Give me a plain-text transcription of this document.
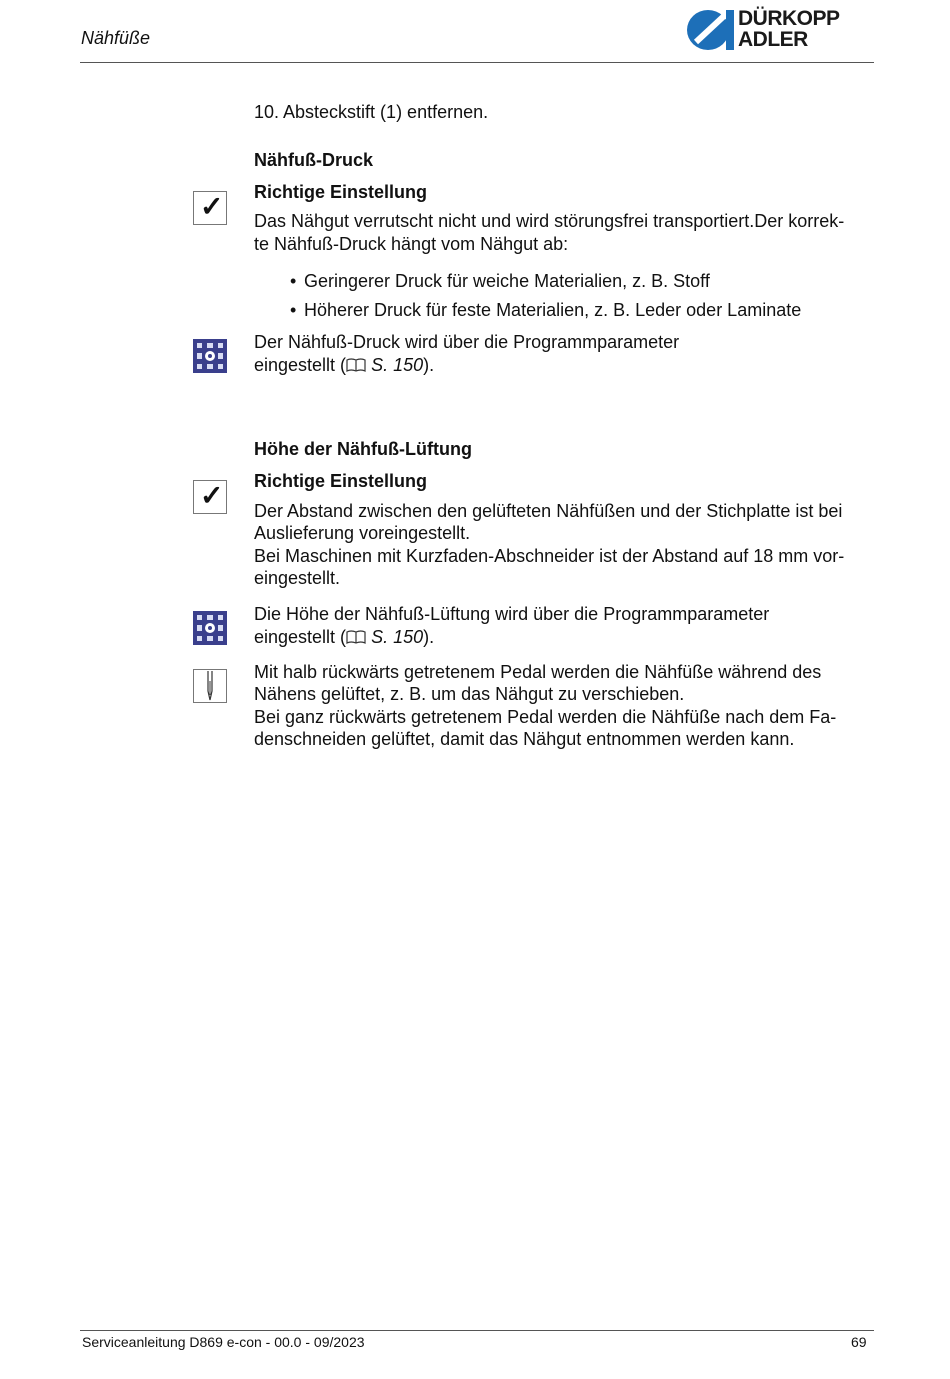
Nähfüße
DÜRKOPP
ADLER
10. Absteckstift (1) entfernen.
Nähfuß-Druck
✓ Richtige Einstellung
Das Nähgut verrutscht nicht und wird störungsfrei transportiert.Der korrek-
te Nähfuß-Druck hängt vom Nähgut ab:
• Geringerer Druck für weiche Materialien, z. B. Stoff
• Höherer Druck für feste Materialien, z. B. Leder oder Laminate
Der Nähfuß-Druck wird über die Programmparameter
eingestellt ( S. 150).
Höhe der Nähfuß-Lüftung
✓ Richtige Einstellung
Der Abstand zwischen den gelüfteten Nähfüßen und der Stichplatte ist bei
Auslieferung voreingestellt.
Bei Maschinen mit Kurzfaden-Abschneider ist der Abstand auf 18 mm vor-
eingestellt.
Die Höhe der Nähfuß-Lüftung wird über die Programmparameter
eingestellt ( S. 150).
Mit halb rückwärts getretenem Pedal werden die Nähfüße während des
Nähens gelüftet, z. B. um das Nähgut zu verschieben.
Bei ganz rückwärts getretenem Pedal werden die Nähfüße nach dem Fa-
denschneiden gelüftet, damit das Nähgut entnommen werden kann.
Serviceanleitung D869 e-con - 00.0 - 09/2023	69
